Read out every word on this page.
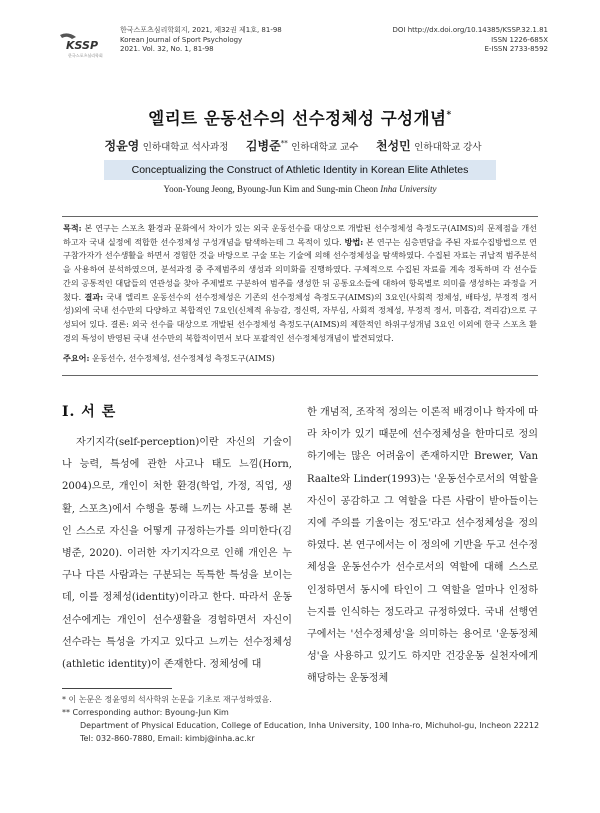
KSSP
한국스포츠심리학회
한국스포츠심리학회지, 2021, 제32권 제1호, 81-98
Korean Journal of Sport Psychology
2021. Vol. 32, No. 1, 81-98
DOI http://dx.doi.org/10.14385/KSSP.32.1.81
ISSN 1226-685X
E-ISSN 2733-8592
엘리트 운동선수의 선수정체성 구성개념*
정윤영 인하대학교 석사과정 김병준** 인하대학교 교수 천성민 인하대학교 강사
Conceptualizing the Construct of Athletic Identity in Korean Elite Athletes
Yoon-Young Jeong, Byoung-Jun Kim and Sung-min Cheon Inha University
목적: 본 연구는 스포츠 환경과 문화에서 차이가 있는 외국 운동선수를 대상으로 개발된 선수정체성 측정도구(AIMS)의 문제점을 개선하고자 국내 실정에 적합한 선수정체성 구성개념을 탐색하는데 그 목적이 있다. 방법: 본 연구는 심층면담을 주된 자료수집방법으로 연구참가자가 선수생활을 하면서 경험한 것을 바탕으로 구술 또는 기술에 의해 선수정체성을 탐색하였다. 수집된 자료는 귀납적 범주분석을 사용하여 분석하였으며, 분석과정 중 주제범주의 생성과 의미화를 진행하였다. 구체적으로 수집된 자료를 계속 정독하며 각 선수들 간의 공통적인 대답들의 연관성을 찾아 주제별로 구분하여 범주를 생성한 뒤 공통요소들에 대하여 항목별로 의미를 생성하는 과정을 거쳤다. 결과: 국내 엘리트 운동선수의 선수정체성은 기존의 선수정체성 측정도구(AIMS)의 3요인(사회적 정체성, 배타성, 부정적 정서성)외에 국내 선수만의 다양하고 복합적인 7요인(신체적 유능감, 정신력, 자부심, 사회적 정체성, 부정적 정서, 미흡감, 격리감)으로 구성되어 있다. 결론: 외국 선수를 대상으로 개발된 선수정체성 측정도구(AIMS)의 제한적인 하위구성개념 3요인 이외에 한국 스포츠 환경의 특성이 반영된 국내 선수만의 복합적이면서 보다 포괄적인 선수정체성개념이 발견되었다.
주요어: 운동선수, 선수정체성, 선수정체성 측정도구(AIMS)
Ⅰ. 서 론

자기지각(self-perception)이란 자신의 기술이나 능력, 특성에 관한 사고나 태도 느낌(Horn, 2004)으로, 개인이 처한 환경(학업, 가정, 직업, 생활, 스포츠)에서 수행을 통해 느끼는 사고를 통해 본인 스스로 자신을 어떻게 규정하는가를 의미한다(김병준, 2020). 이러한 자기지각으로 인해 개인은 누구나 다른 사람과는 구분되는 독특한 특성을 보이는데, 이를 정체성(identity)이라고 한다. 따라서 운동선수에게는 개인이 선수생활을 경험하면서 자신이 선수라는 특성을 가지고 있다고 느끼는 선수정체성(athletic identity)이 존재한다. 정체성에 대

한 개념적, 조작적 정의는 이론적 배경이나 학자에 따라 차이가 있기 때문에 선수정체성을 한마디로 정의하기에는 많은 어려움이 존재하지만 Brewer, Van Raalte와 Linder(1993)는 '운동선수로서의 역할을 자신이 공감하고 그 역할을 다른 사람이 받아들이는지에 주의를 기울이는 정도'라고 선수정체성을 정의하였다. 본 연구에서는 이 정의에 기반을 두고 선수정체성을 운동선수가 선수로서의 역할에 대해 스스로 인정하면서 동시에 타인이 그 역할을 얼마나 인정하는지를 인식하는 정도라고 규정하였다. 국내 선행연구에서는 '선수정체성'을 의미하는 용어로 '운동정체성'을 사용하고 있기도 하지만 건강운동 실천자에게 해당하는 운동정체
* 이 논문은 정윤영의 석사학위 논문을 기초로 재구성하였음.
** Corresponding author: Byoung-Jun Kim
Department of Physical Education, College of Education, Inha University, 100 Inha-ro, Michuhol-gu, Incheon 22212
Tel: 032-860-7880, Email: kimbj@inha.ac.kr
